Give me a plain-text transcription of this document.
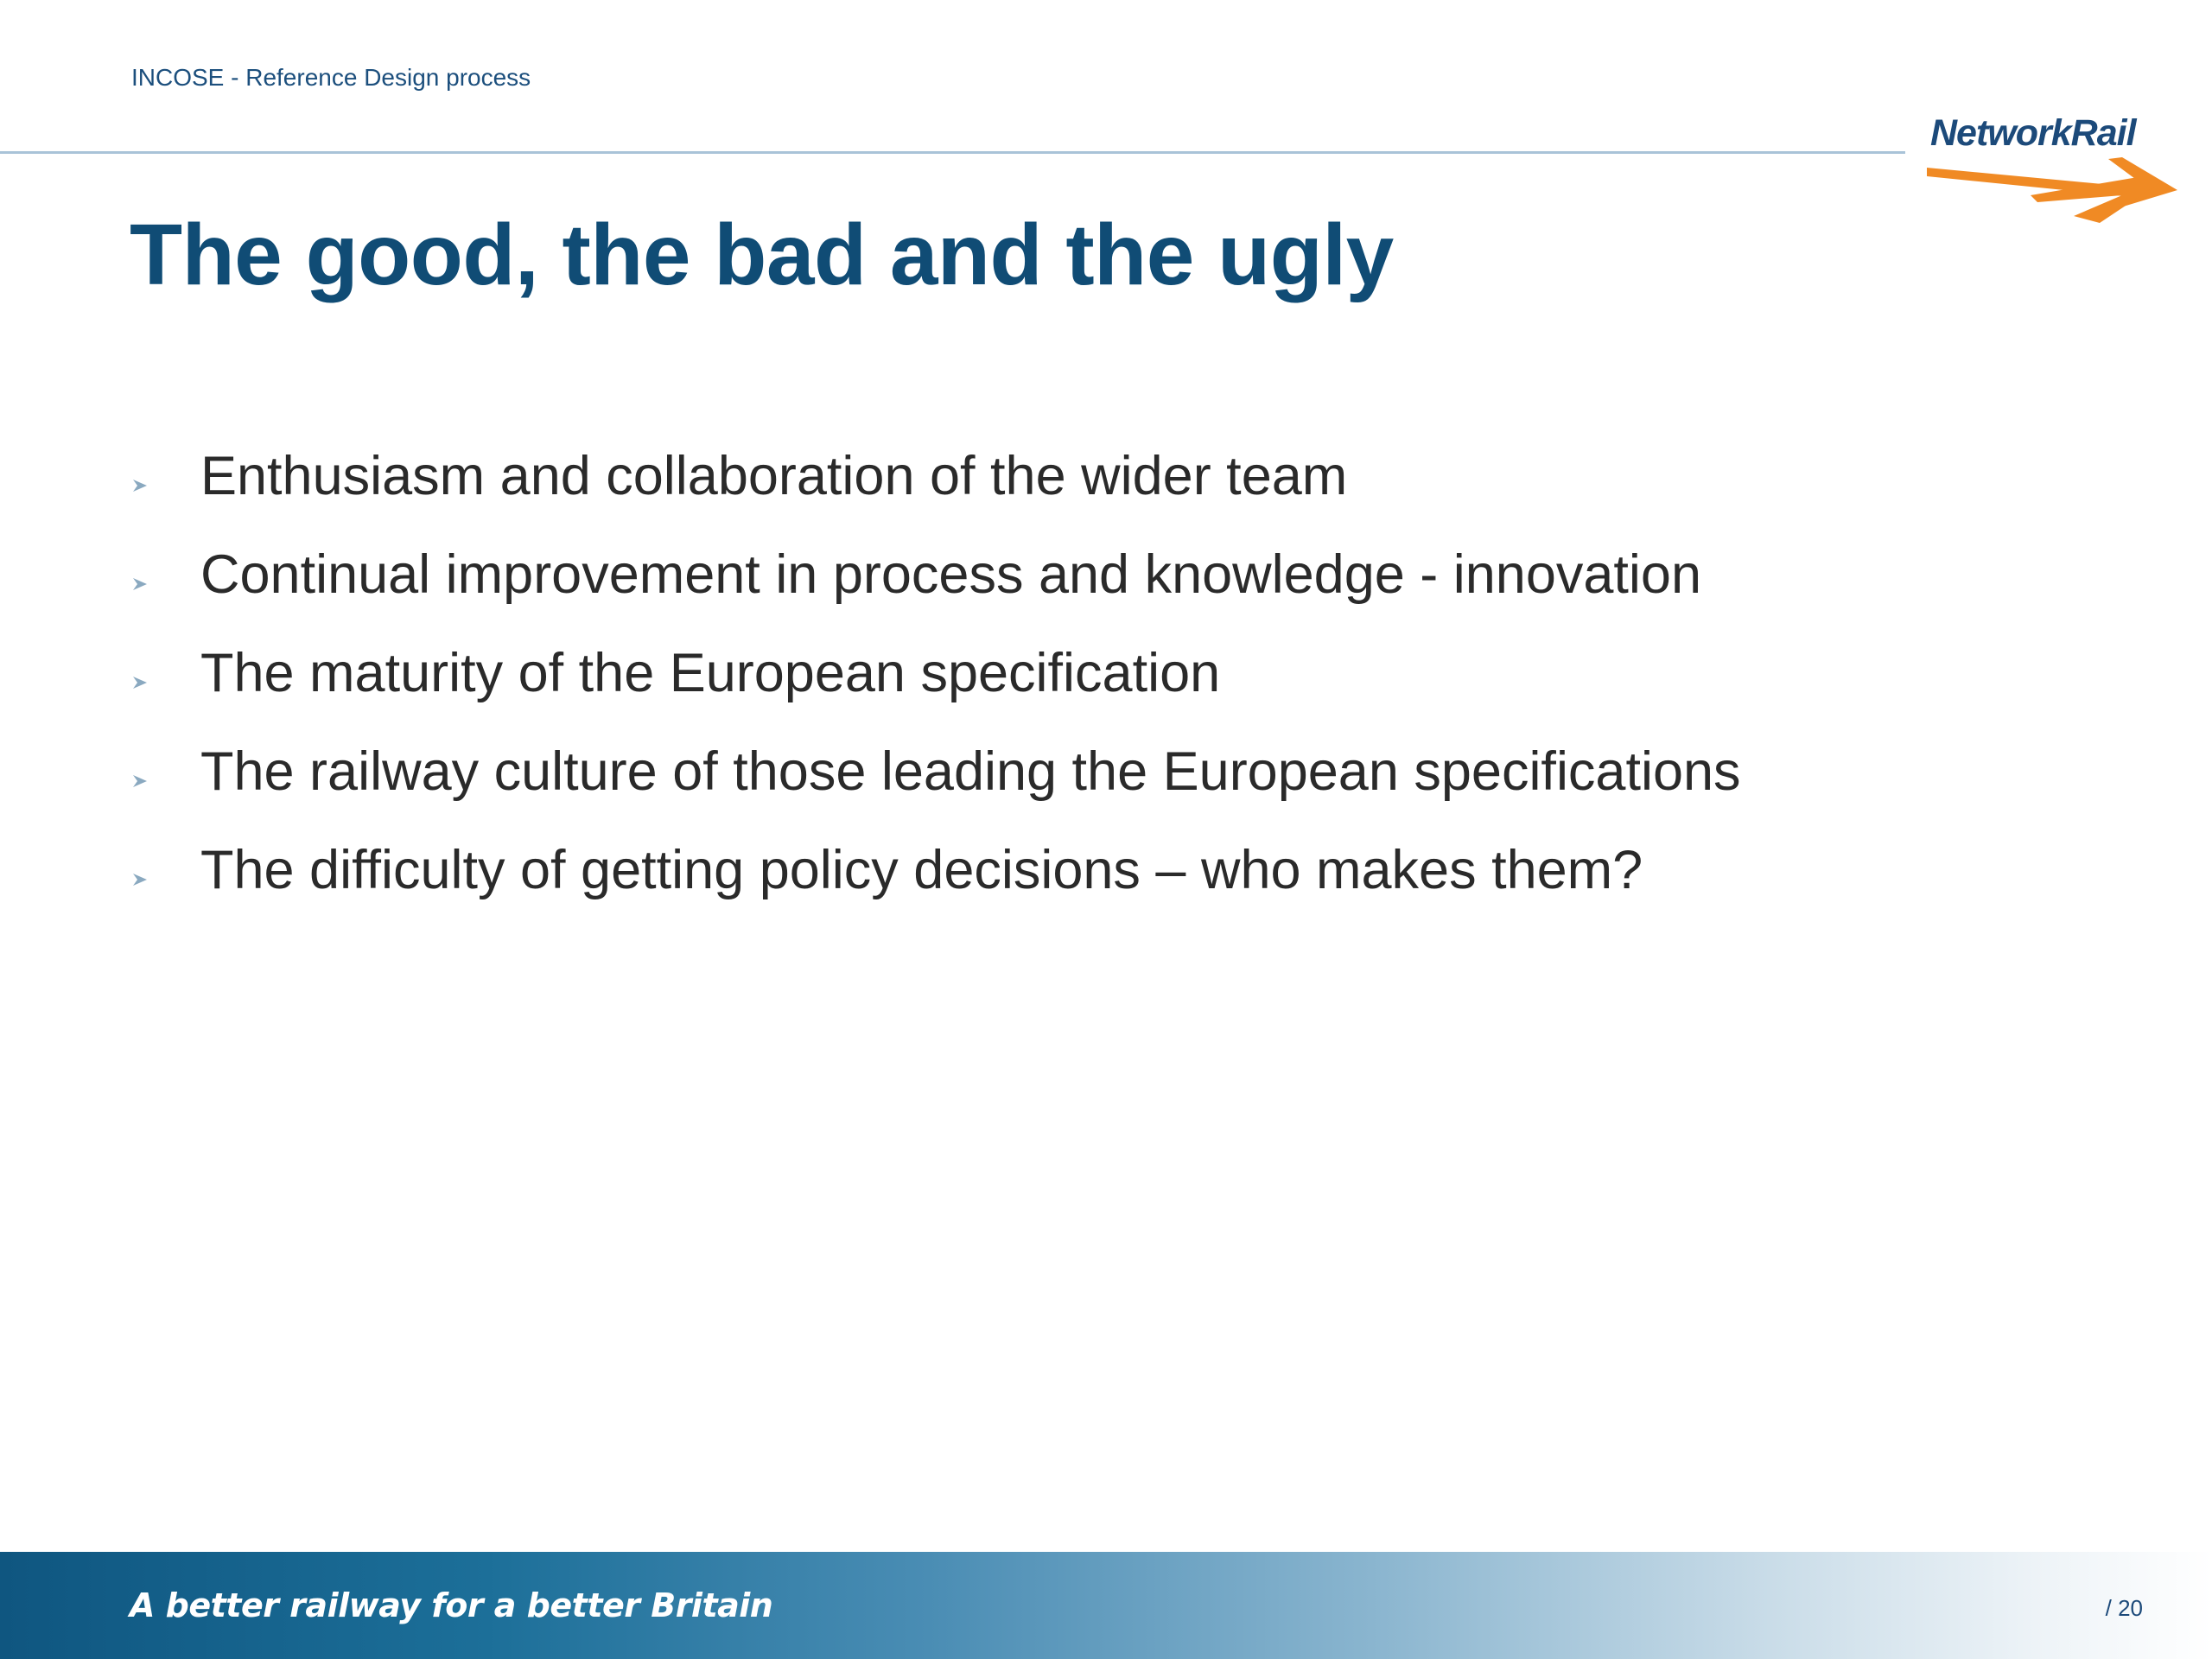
INCOSE - Reference Design process
NetworkRail
The good, the bad and the ugly
Enthusiasm and collaboration of the wider team
Continual improvement in process and knowledge - innovation
The maturity of the European specification
The railway culture of those leading the European specifications
The difficulty of getting policy decisions – who makes them?
A better railway for a better Britain	/ 20
